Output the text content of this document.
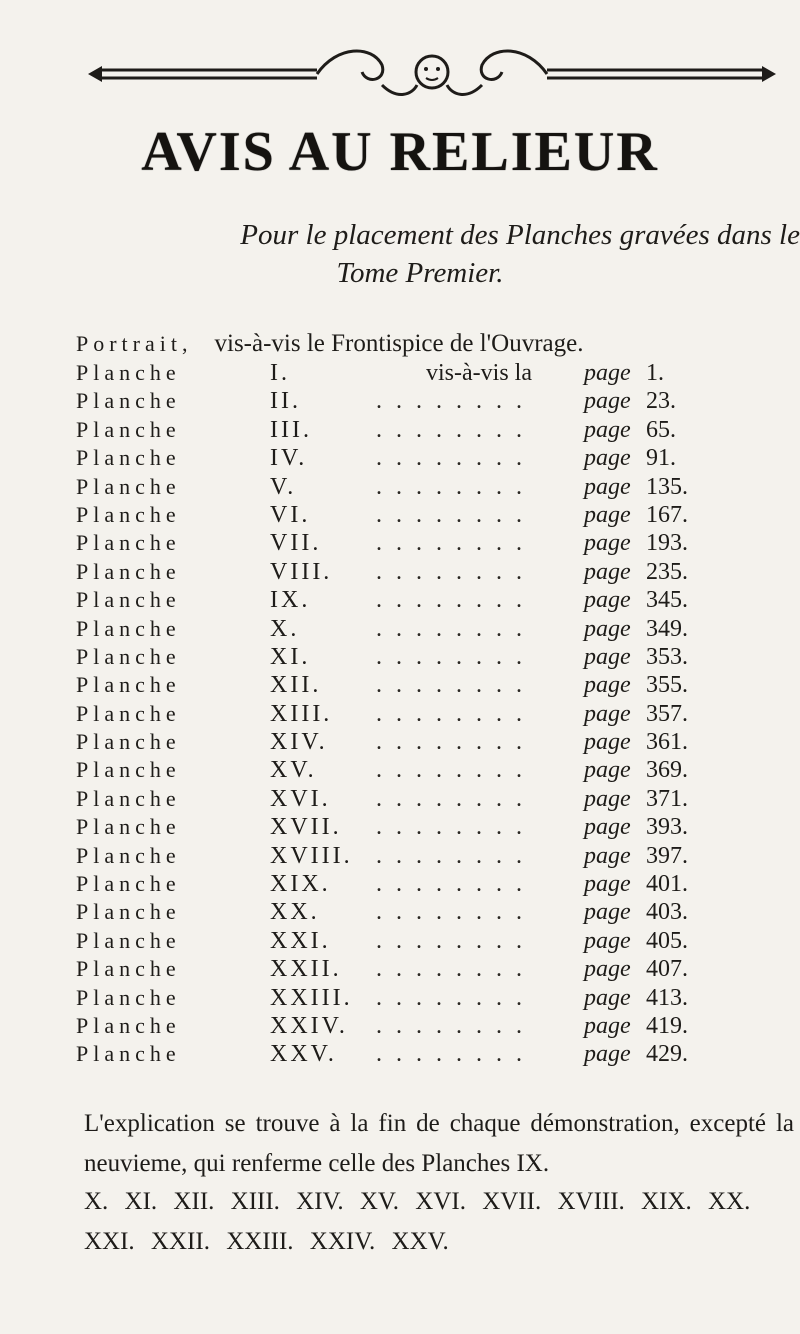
AVIS AU RELIEUR
Pour le placement des Planches gravées dans le
Tome Premier.
Portrait, vis-à-vis le Frontispice de l'Ouvrage.
Planche	I.	vis-à-vis la page 1.
Planche	II.	........ page 23.
Planche	III.	........ page 65.
Planche	IV.	........ page 91.
Planche	V.	........ page 135.
Planche	VI.	........ page 167.
Planche	VII. ........ page 193.
Planche	VIII. ........ page 235.
Planche	IX.	........ page 345.
Planche	X.	........ page 349.
Planche	XI.	........ page 353.
Planche	XII. ........ page 355.
Planche	XIII. ........ page 357.
Planche	XIV. ........ page 361.
Planche	XV. ........ page 369.
Planche	XVI. ........ page 371.
Planche	XVII. ........ page 393.
Planche	XVIII. ........ page 397.
Planche	XIX. ........ page 401.
Planche	XX. ........ page 403.
Planche	XXI. ........ page 405.
Planche	XXII. ........ page 407.
Planche	XXIII. ........ page 413.
Planche	XXIV. ........ page 419.
Planche	XXV. ........ page 429.
L'explication se trouve à la fin de chaque démonstration, excepté la neuvieme, qui renferme celle des Planches IX.
X. XI. XII. XIII. XIV. XV. XVI. XVII. XVIII. XIX. XX. XXI. XXII. XXIII. XXIV. XXV.
